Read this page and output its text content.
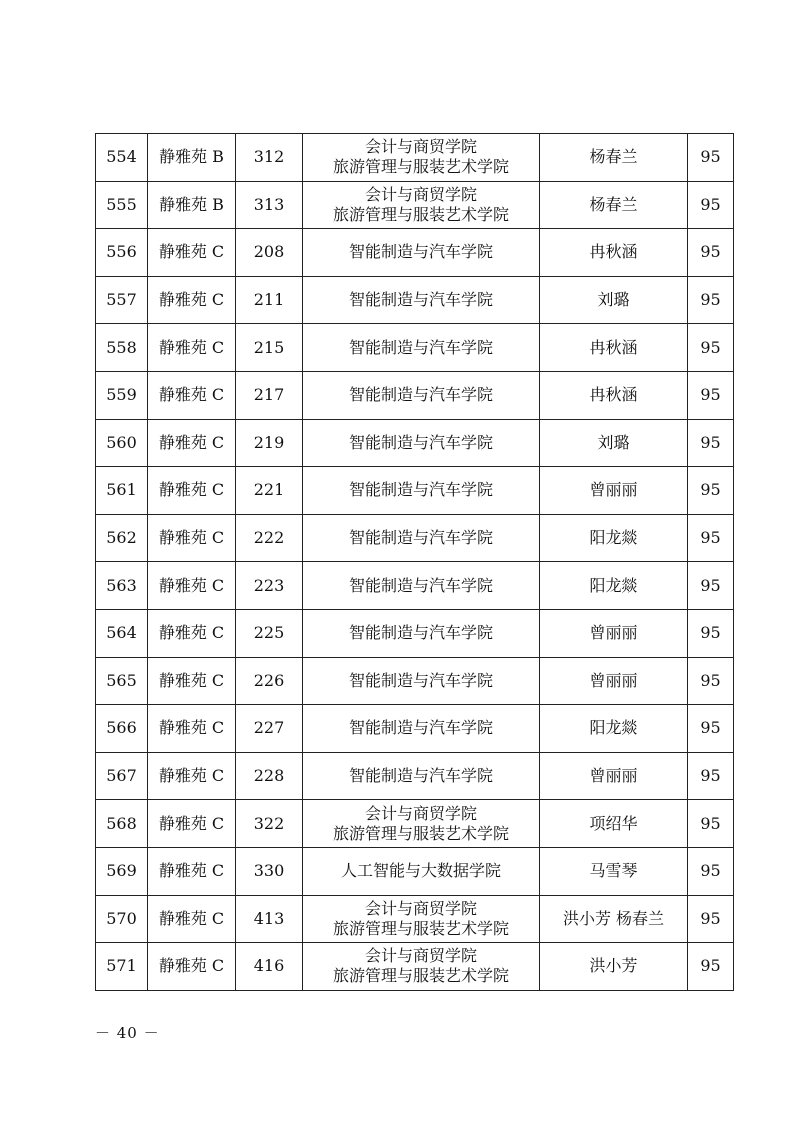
554	静雅苑 B	312	会计与商贸学院
旅游管理与服装艺术学院	杨春兰	95
555	静雅苑 B	313	会计与商贸学院
旅游管理与服装艺术学院	杨春兰	95
556	静雅苑 C	208	智能制造与汽车学院	冉秋涵	95
557	静雅苑 C	211	智能制造与汽车学院	刘璐	95
558	静雅苑 C	215	智能制造与汽车学院	冉秋涵	95
559	静雅苑 C	217	智能制造与汽车学院	冉秋涵	95
560	静雅苑 C	219	智能制造与汽车学院	刘璐	95
561	静雅苑 C	221	智能制造与汽车学院	曾丽丽	95
562	静雅苑 C	222	智能制造与汽车学院	阳龙燚	95
563	静雅苑 C	223	智能制造与汽车学院	阳龙燚	95
564	静雅苑 C	225	智能制造与汽车学院	曾丽丽	95
565	静雅苑 C	226	智能制造与汽车学院	曾丽丽	95
566	静雅苑 C	227	智能制造与汽车学院	阳龙燚	95
567	静雅苑 C	228	智能制造与汽车学院	曾丽丽	95
568	静雅苑 C	322	会计与商贸学院
旅游管理与服装艺术学院	项绍华	95
569	静雅苑 C	330	人工智能与大数据学院	马雪琴	95
570	静雅苑 C	413	会计与商贸学院
旅游管理与服装艺术学院	洪小芳 杨春兰	95
571	静雅苑 C	416	会计与商贸学院
旅游管理与服装艺术学院	洪小芳	95
－ 40 －
